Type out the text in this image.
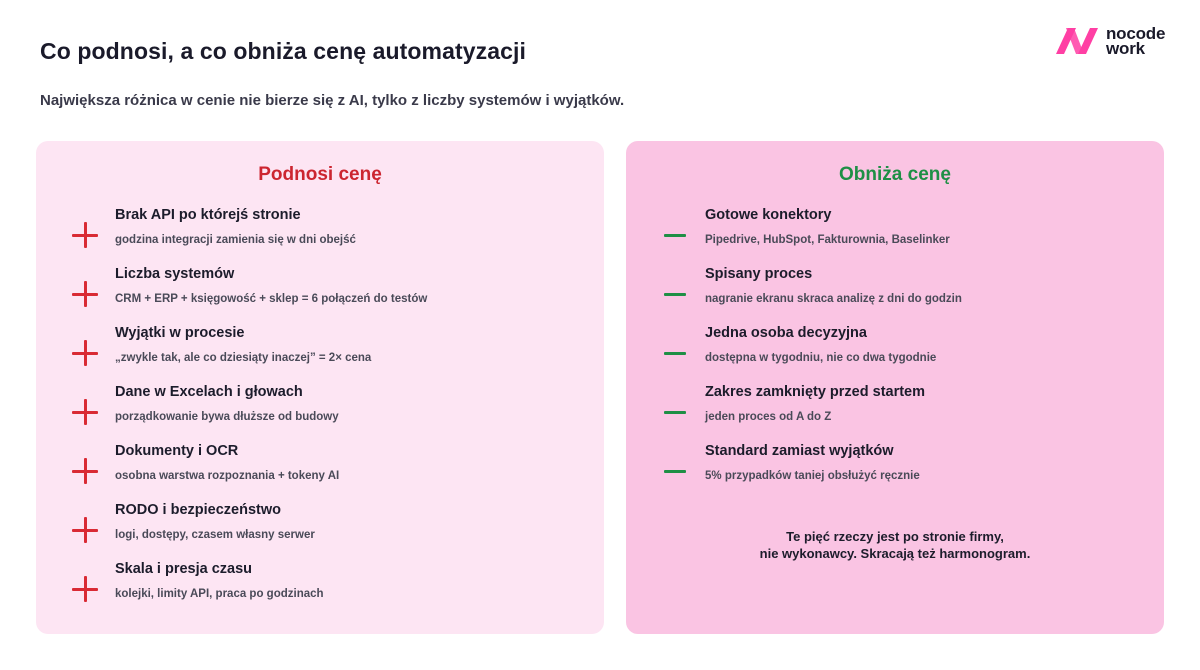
Co podnosi, a co obniża cenę automatyzacji

Największa różnica w cenie nie bierze się z AI, tylko z liczby systemów i wyjątków.

nocode
work
Podnosi cenę
Brak API po którejś stronie
godzina integracji zamienia się w dni obejść
Liczba systemów
CRM + ERP + księgowość + sklep = 6 połączeń do testów
Wyjątki w procesie
„zwykle tak, ale co dziesiąty inaczej” = 2× cena
Dane w Excelach i głowach
porządkowanie bywa dłuższe od budowy
Dokumenty i OCR
osobna warstwa rozpoznania + tokeny AI
RODO i bezpieczeństwo
logi, dostępy, czasem własny serwer
Skala i presja czasu
kolejki, limity API, praca po godzinach
Obniża cenę
Gotowe konektory
Pipedrive, HubSpot, Fakturownia, Baselinker
Spisany proces
nagranie ekranu skraca analizę z dni do godzin
Jedna osoba decyzyjna
dostępna w tygodniu, nie co dwa tygodnie
Zakres zamknięty przed startem
jeden proces od A do Z
Standard zamiast wyjątków
5% przypadków taniej obsłużyć ręcznie
Te pięć rzeczy jest po stronie firmy,
nie wykonawcy. Skracają też harmonogram.
